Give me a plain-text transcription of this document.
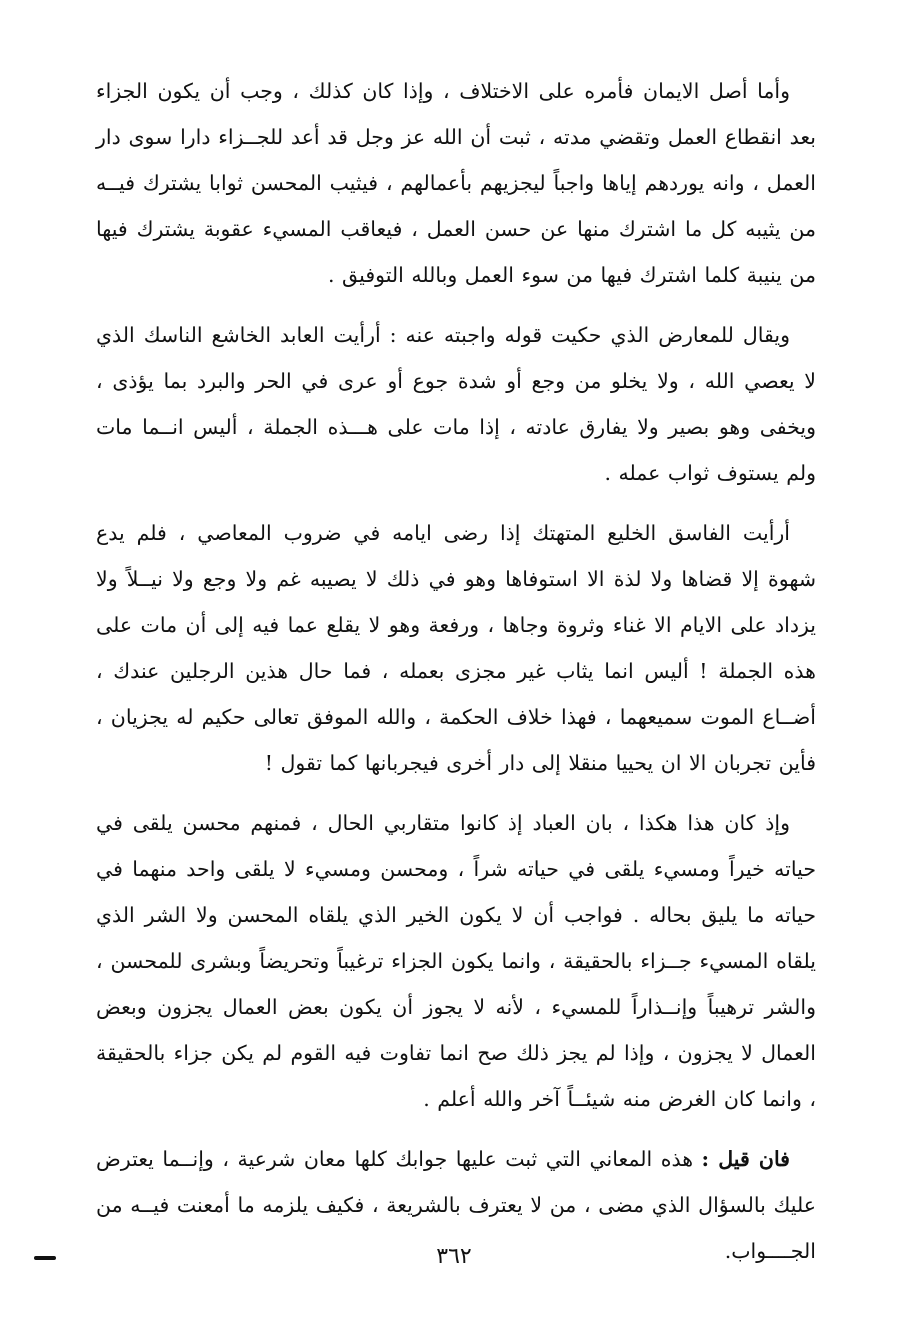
وأما أصل الايمان فأمره على الاختلاف ، وإذا كان كذلك ، وجب أن يكون الجزاء بعد انقطاع العمل وتقضي مدته ، ثبت أن الله عز وجل قد أعد للجــزاء دارا سوى دار العمل ، وانه يوردهم إياها واجباً ليجزيهم بأعمالهم ، فيثيب المحسن ثوابا يشترك فيــه من يثيبه كل ما اشترك منها عن حسن العمل ، فيعاقب المسيء عقوبة يشترك فيها من ينيبة كلما اشترك فيها من سوء العمل وبالله التوفيق .

ويقال للمعارض الذي حكيت قوله واجبته عنه : أرأيت العابد الخاشع الناسك الذي لا يعصي الله ، ولا يخلو من وجع أو شدة جوع أو عرى في الحر والبرد بما يؤذى ، ويخفى وهو بصير ولا يفارق عادته ، إذا مات على هـــذه الجملة ، أليس انــما مات ولم يستوف ثواب عمله .

أرأيت الفاسق الخليع المتهتك إذا رضى ايامه في ضروب المعاصي ، فلم يدع شهوة إلا قضاها ولا لذة الا استوفاها وهو في ذلك لا يصيبه غم ولا وجع ولا نيــلاً ولا يزداد على الايام الا غناء وثروة وجاها ، ورفعة وهو لا يقلع عما فيه إلى أن مات على هذه الجملة ! أليس انما يثاب غير مجزى بعمله ، فما حال هذين الرجلين عندك ، أضــاع الموت سميعهما ، فهذا خلاف الحكمة ، والله الموفق تعالى حكيم له يجزيان ، فأين تجربان الا ان يحييا منقلا إلى دار أخرى فيجربانها كما تقول !

وإذ كان هذا هكذا ، بان العباد إذ كانوا متقاربي الحال ، فمنهم محسن يلقى في حياته خيراً ومسيء يلقى في حياته شراً ، ومحسن ومسيء لا يلقى واحد منهما في حياته ما يليق بحاله . فواجب أن لا يكون الخير الذي يلقاه المحسن ولا الشر الذي يلقاه المسيء جــزاء بالحقيقة ، وانما يكون الجزاء ترغيباً وتحريضاً وبشرى للمحسن ، والشر ترهيباً وإنــذاراً للمسيء ، لأنه لا يجوز أن يكون بعض العمال يجزون وبعض العمال لا يجزون ، وإذا لم يجز ذلك صح انما تفاوت فيه القوم لم يكن جزاء بالحقيقة ، وانما كان الغرض منه شيئــاً آخر والله أعلم .

فان قيل : هذه المعاني التي ثبت عليها جوابك كلها معان شرعية ، وإنــما يعترض عليك بالسؤال الذي مضى ، من لا يعترف بالشريعة ، فكيف يلزمه ما أمعنت فيــه من الجــــواب.

٣٦٢
